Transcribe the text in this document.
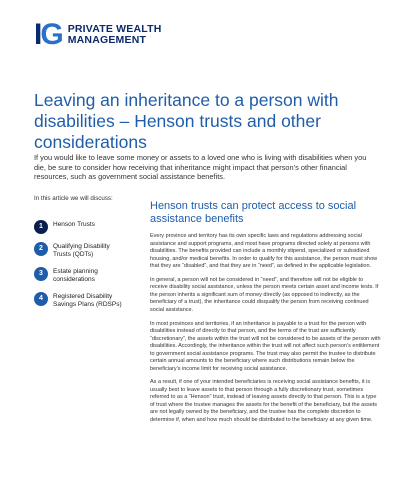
IG PRIVATE WEALTH
MANAGEMENT
Leaving an inheritance to a person with disabilities – Henson trusts and other considerations
If you would like to leave some money or assets to a loved one who is living with disabilities when you die, be sure to consider how receiving that inheritance might impact that person’s other financial resources, such as government social assistance benefits.
In this article we will discuss:
1	Henson Trusts
2	Qualifying Disability Trusts (QDTs)
3	Estate planning considerations
4	Registered Disability Savings Plans (RDSPs)
Henson trusts can protect access to social assistance benefits

Every province and territory has its own specific laws and regulations addressing social assistance and support programs, and most have programs directed solely at persons with disabilities. The benefits provided can include a monthly stipend, specialized or subsidized housing, and/or medical benefits. In order to qualify for this assistance, the person must show that they are “disabled”, and that they are in “need”, as defined in the applicable legislation.

In general, a person will not be considered in “need”, and therefore will not be eligible to receive disability social assistance, unless the person meets certain asset and income tests. If the person inherits a significant sum of money directly (as opposed to indirectly, as the beneficiary of a trust), the inheritance could disqualify the person from receiving continued social assistance.

In most provinces and territories, if an inheritance is payable to a trust for the person with disabilities instead of directly to that person, and the terms of the trust are sufficiently “discretionary”, the assets within the trust will not be considered to be assets of the person with disabilities. Accordingly, the inheritance within the trust will not affect such person’s entitlement to government social assistance programs. The trust may also permit the trustee to distribute certain annual amounts to the beneficiary where such distributions remain below the beneficiary’s income limit for receiving social assistance.

As a result, if one of your intended beneficiaries is receiving social assistance benefits, it is usually best to leave assets to that person through a fully discretionary trust, sometimes referred to as a “Henson” trust, instead of leaving assets directly to that person. This is a type of trust where the trustee manages the assets for the benefit of the beneficiary, but the assets are not legally owned by the beneficiary, and the trustee has the complete discretion to determine if, when and how much should be distributed to the beneficiary at any given time.
